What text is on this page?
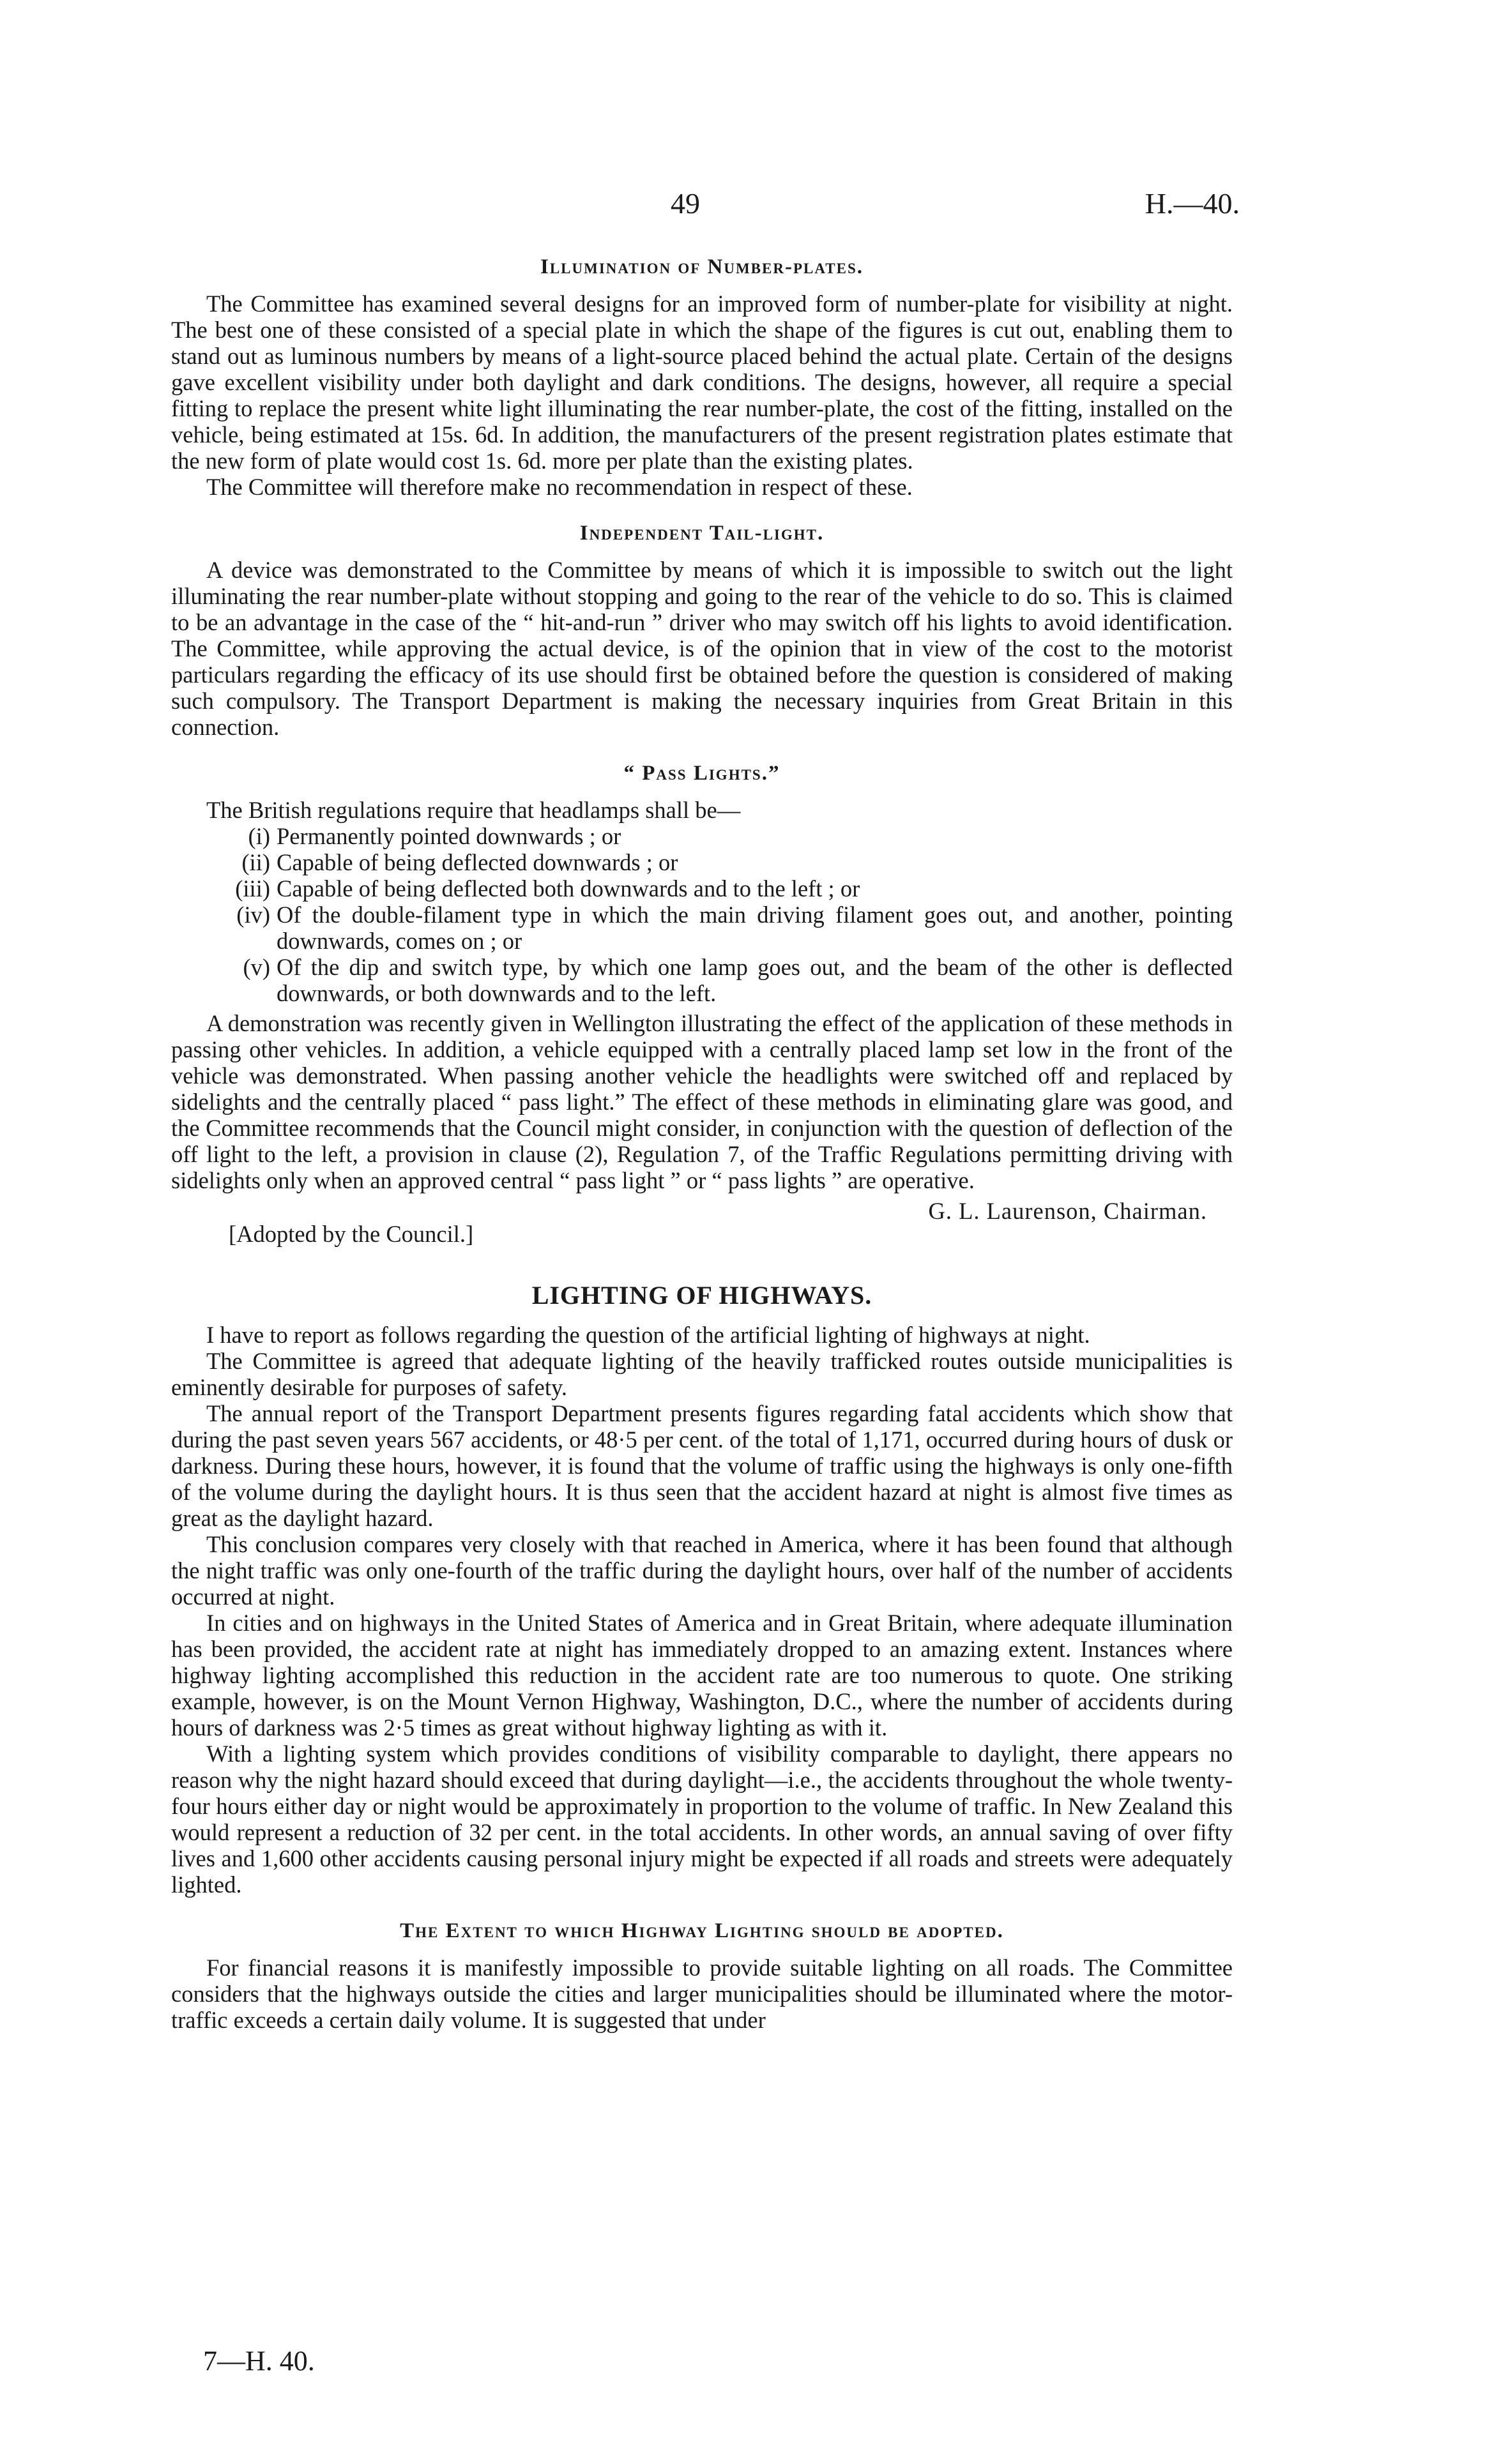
49	H.—40.
Illumination of Number-plates.

The Committee has examined several designs for an improved form of number-plate for visibility at night. The best one of these consisted of a special plate in which the shape of the figures is cut out, enabling them to stand out as luminous numbers by means of a light-source placed behind the actual plate. Certain of the designs gave excellent visibility under both daylight and dark conditions. The designs, however, all require a special fitting to replace the present white light illuminating the rear number-plate, the cost of the fitting, installed on the vehicle, being estimated at 15s. 6d. In addition, the manufacturers of the present registration plates estimate that the new form of plate would cost 1s. 6d. more per plate than the existing plates.

The Committee will therefore make no recommendation in respect of these.

Independent Tail-light.

A device was demonstrated to the Committee by means of which it is impossible to switch out the light illuminating the rear number-plate without stopping and going to the rear of the vehicle to do so. This is claimed to be an advantage in the case of the “ hit-and-run ” driver who may switch off his lights to avoid identification. The Committee, while approving the actual device, is of the opinion that in view of the cost to the motorist particulars regarding the efficacy of its use should first be obtained before the question is considered of making such compulsory. The Transport Department is making the necessary inquiries from Great Britain in this connection.

“ Pass Lights.”

The British regulations require that headlamps shall be—

(i) Permanently pointed downwards ; or
(ii) Capable of being deflected downwards ; or
(iii) Capable of being deflected both downwards and to the left ; or
(iv) Of the double-filament type in which the main driving filament goes out, and another, pointing downwards, comes on ; or
(v) Of the dip and switch type, by which one lamp goes out, and the beam of the other is deflected downwards, or both downwards and to the left.

A demonstration was recently given in Wellington illustrating the effect of the application of these methods in passing other vehicles. In addition, a vehicle equipped with a centrally placed lamp set low in the front of the vehicle was demonstrated. When passing another vehicle the headlights were switched off and replaced by sidelights and the centrally placed “ pass light.” The effect of these methods in eliminating glare was good, and the Committee recommends that the Council might consider, in conjunction with the question of deflection of the off light to the left, a provision in clause (2), Regulation 7, of the Traffic Regulations permitting driving with sidelights only when an approved central “ pass light ” or “ pass lights ” are operative.

G. L. Laurenson, Chairman.
[Adopted by the Council.]
LIGHTING OF HIGHWAYS.

I have to report as follows regarding the question of the artificial lighting of highways at night.

The Committee is agreed that adequate lighting of the heavily trafficked routes outside municipalities is eminently desirable for purposes of safety.

The annual report of the Transport Department presents figures regarding fatal accidents which show that during the past seven years 567 accidents, or 48·5 per cent. of the total of 1,171, occurred during hours of dusk or darkness. During these hours, however, it is found that the volume of traffic using the highways is only one-fifth of the volume during the daylight hours. It is thus seen that the accident hazard at night is almost five times as great as the daylight hazard.

This conclusion compares very closely with that reached in America, where it has been found that although the night traffic was only one-fourth of the traffic during the daylight hours, over half of the number of accidents occurred at night.

In cities and on highways in the United States of America and in Great Britain, where adequate illumination has been provided, the accident rate at night has immediately dropped to an amazing extent. Instances where highway lighting accomplished this reduction in the accident rate are too numerous to quote. One striking example, however, is on the Mount Vernon Highway, Washington, D.C., where the number of accidents during hours of darkness was 2·5 times as great without highway lighting as with it.

With a lighting system which provides conditions of visibility comparable to daylight, there appears no reason why the night hazard should exceed that during daylight—i.e., the accidents throughout the whole twenty-four hours either day or night would be approximately in proportion to the volume of traffic. In New Zealand this would represent a reduction of 32 per cent. in the total accidents. In other words, an annual saving of over fifty lives and 1,600 other accidents causing personal injury might be expected if all roads and streets were adequately lighted.

The Extent to which Highway Lighting should be adopted.

For financial reasons it is manifestly impossible to provide suitable lighting on all roads. The Committee considers that the highways outside the cities and larger municipalities should be illuminated where the motor-traffic exceeds a certain daily volume. It is suggested that under

7—H. 40.
